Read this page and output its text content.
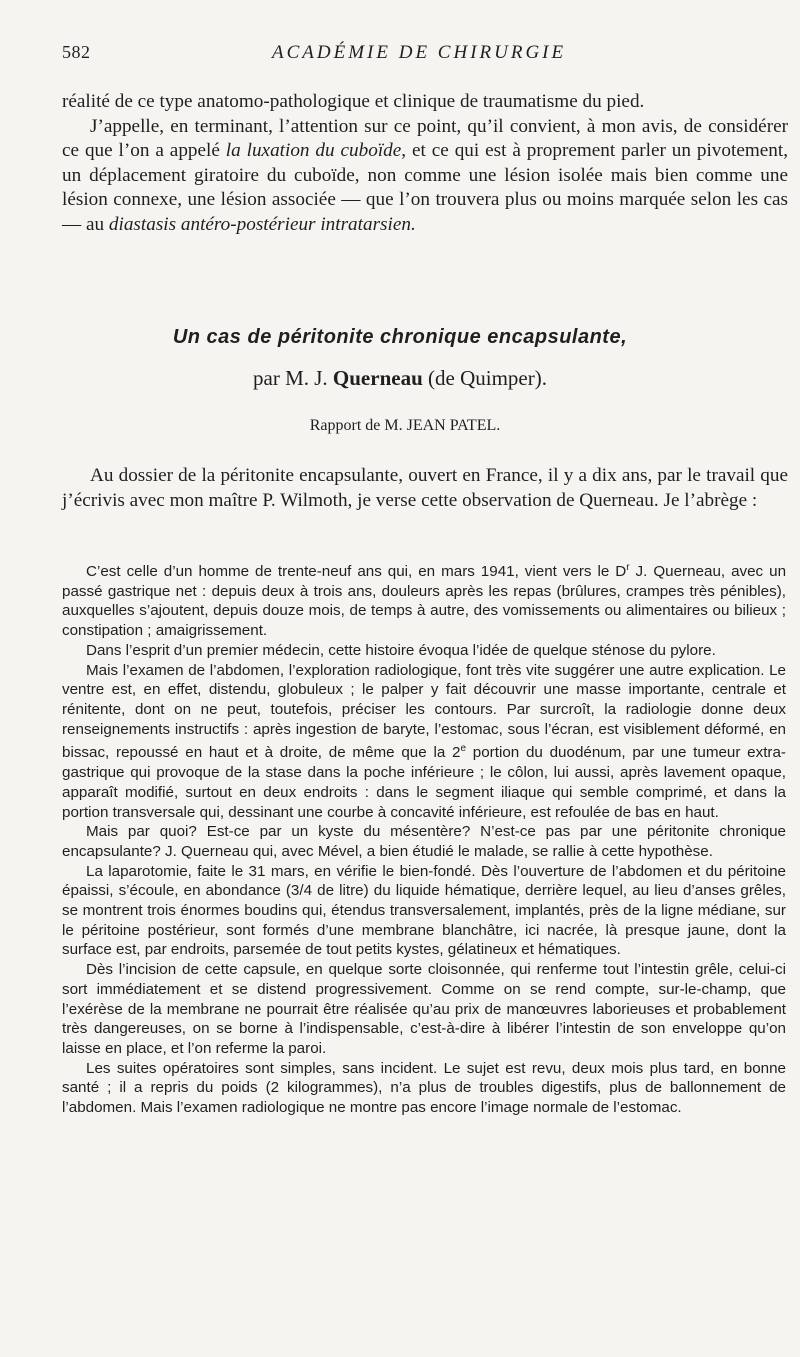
582	ACADÉMIE DE CHIRURGIE

réalité de ce type anatomo-pathologique et clinique de traumatisme du pied.

J’appelle, en terminant, l’attention sur ce point, qu’il convient, à mon avis, de considérer ce que l’on a appelé la luxation du cuboïde, et ce qui est à proprement parler un pivotement, un déplacement giratoire du cuboïde, non comme une lésion isolée mais bien comme une lésion connexe, une lésion associée — que l’on trouvera plus ou moins marquée selon les cas — au diastasis antéro-postérieur intratarsien.

Un cas de péritonite chronique encapsulante,
par M. J. Querneau (de Quimper).
Rapport de M. JEAN PATEL.

Au dossier de la péritonite encapsulante, ouvert en France, il y a dix ans, par le travail que j’écrivis avec mon maître P. Wilmoth, je verse cette observation de Querneau. Je l’abrège :

C’est celle d’un homme de trente-neuf ans qui, en mars 1941, vient vers le $D^r$ J. Querneau, avec un passé gastrique net : depuis deux à trois ans, douleurs après les repas (brûlures, crampes très pénibles), auxquelles s’ajoutent, depuis douze mois, de temps à autre, des vomissements ou alimentaires ou bilieux ; constipation ; amaigrissement.

Dans l’esprit d’un premier médecin, cette histoire évoqua l’idée de quelque sténose du pylore.

Mais l’examen de l’abdomen, l’exploration radiologique, font très vite suggérer une autre explication. Le ventre est, en effet, distendu, globuleux ; le palper y fait découvrir une masse importante, centrale et rénitente, dont on ne peut, toutefois, préciser les contours. Par surcroît, la radiologie donne deux renseignements instructifs : après ingestion de baryte, l’estomac, sous l’écran, est visiblement déformé, en bissac, repoussé en haut et à droite, de même que la 2e portion du duodénum, par une tumeur extra-gastrique qui provoque de la stase dans la poche inférieure ; le côlon, lui aussi, après lavement opaque, apparaît modifié, surtout en deux endroits : dans le segment iliaque qui semble comprimé, et dans la portion transversale qui, dessinant une courbe à concavité inférieure, est refoulée de bas en haut.

Mais par quoi? Est-ce par un kyste du mésentère? N’est-ce pas par une péritonite chronique encapsulante? J. Querneau qui, avec Mével, a bien étudié le malade, se rallie à cette hypothèse.

La laparotomie, faite le 31 mars, en vérifie le bien-fondé. Dès l’ouverture de l’abdomen et du péritoine épaissi, s’écoule, en abondance (3/4 de litre) du liquide hématique, derrière lequel, au lieu d’anses grêles, se montrent trois énormes boudins qui, étendus transversalement, implantés, près de la ligne médiane, sur le péritoine postérieur, sont formés d’une membrane blanchâtre, ici nacrée, là presque jaune, dont la surface est, par endroits, parsemée de tout petits kystes, gélatineux et hématiques.

Dès l’incision de cette capsule, en quelque sorte cloisonnée, qui renferme tout l’intestin grêle, celui-ci sort immédiatement et se distend progressivement. Comme on se rend compte, sur-le-champ, que l’exérèse de la membrane ne pourrait être réalisée qu’au prix de manœuvres laborieuses et probablement très dangereuses, on se borne à l’indispensable, c’est-à-dire à libérer l’intestin de son enveloppe qu’on laisse en place, et l’on referme la paroi.

Les suites opératoires sont simples, sans incident. Le sujet est revu, deux mois plus tard, en bonne santé ; il a repris du poids (2 kilogrammes), n’a plus de troubles digestifs, plus de ballonnement de l’abdomen. Mais l’examen radiologique ne montre pas encore l’image normale de l’estomac.
